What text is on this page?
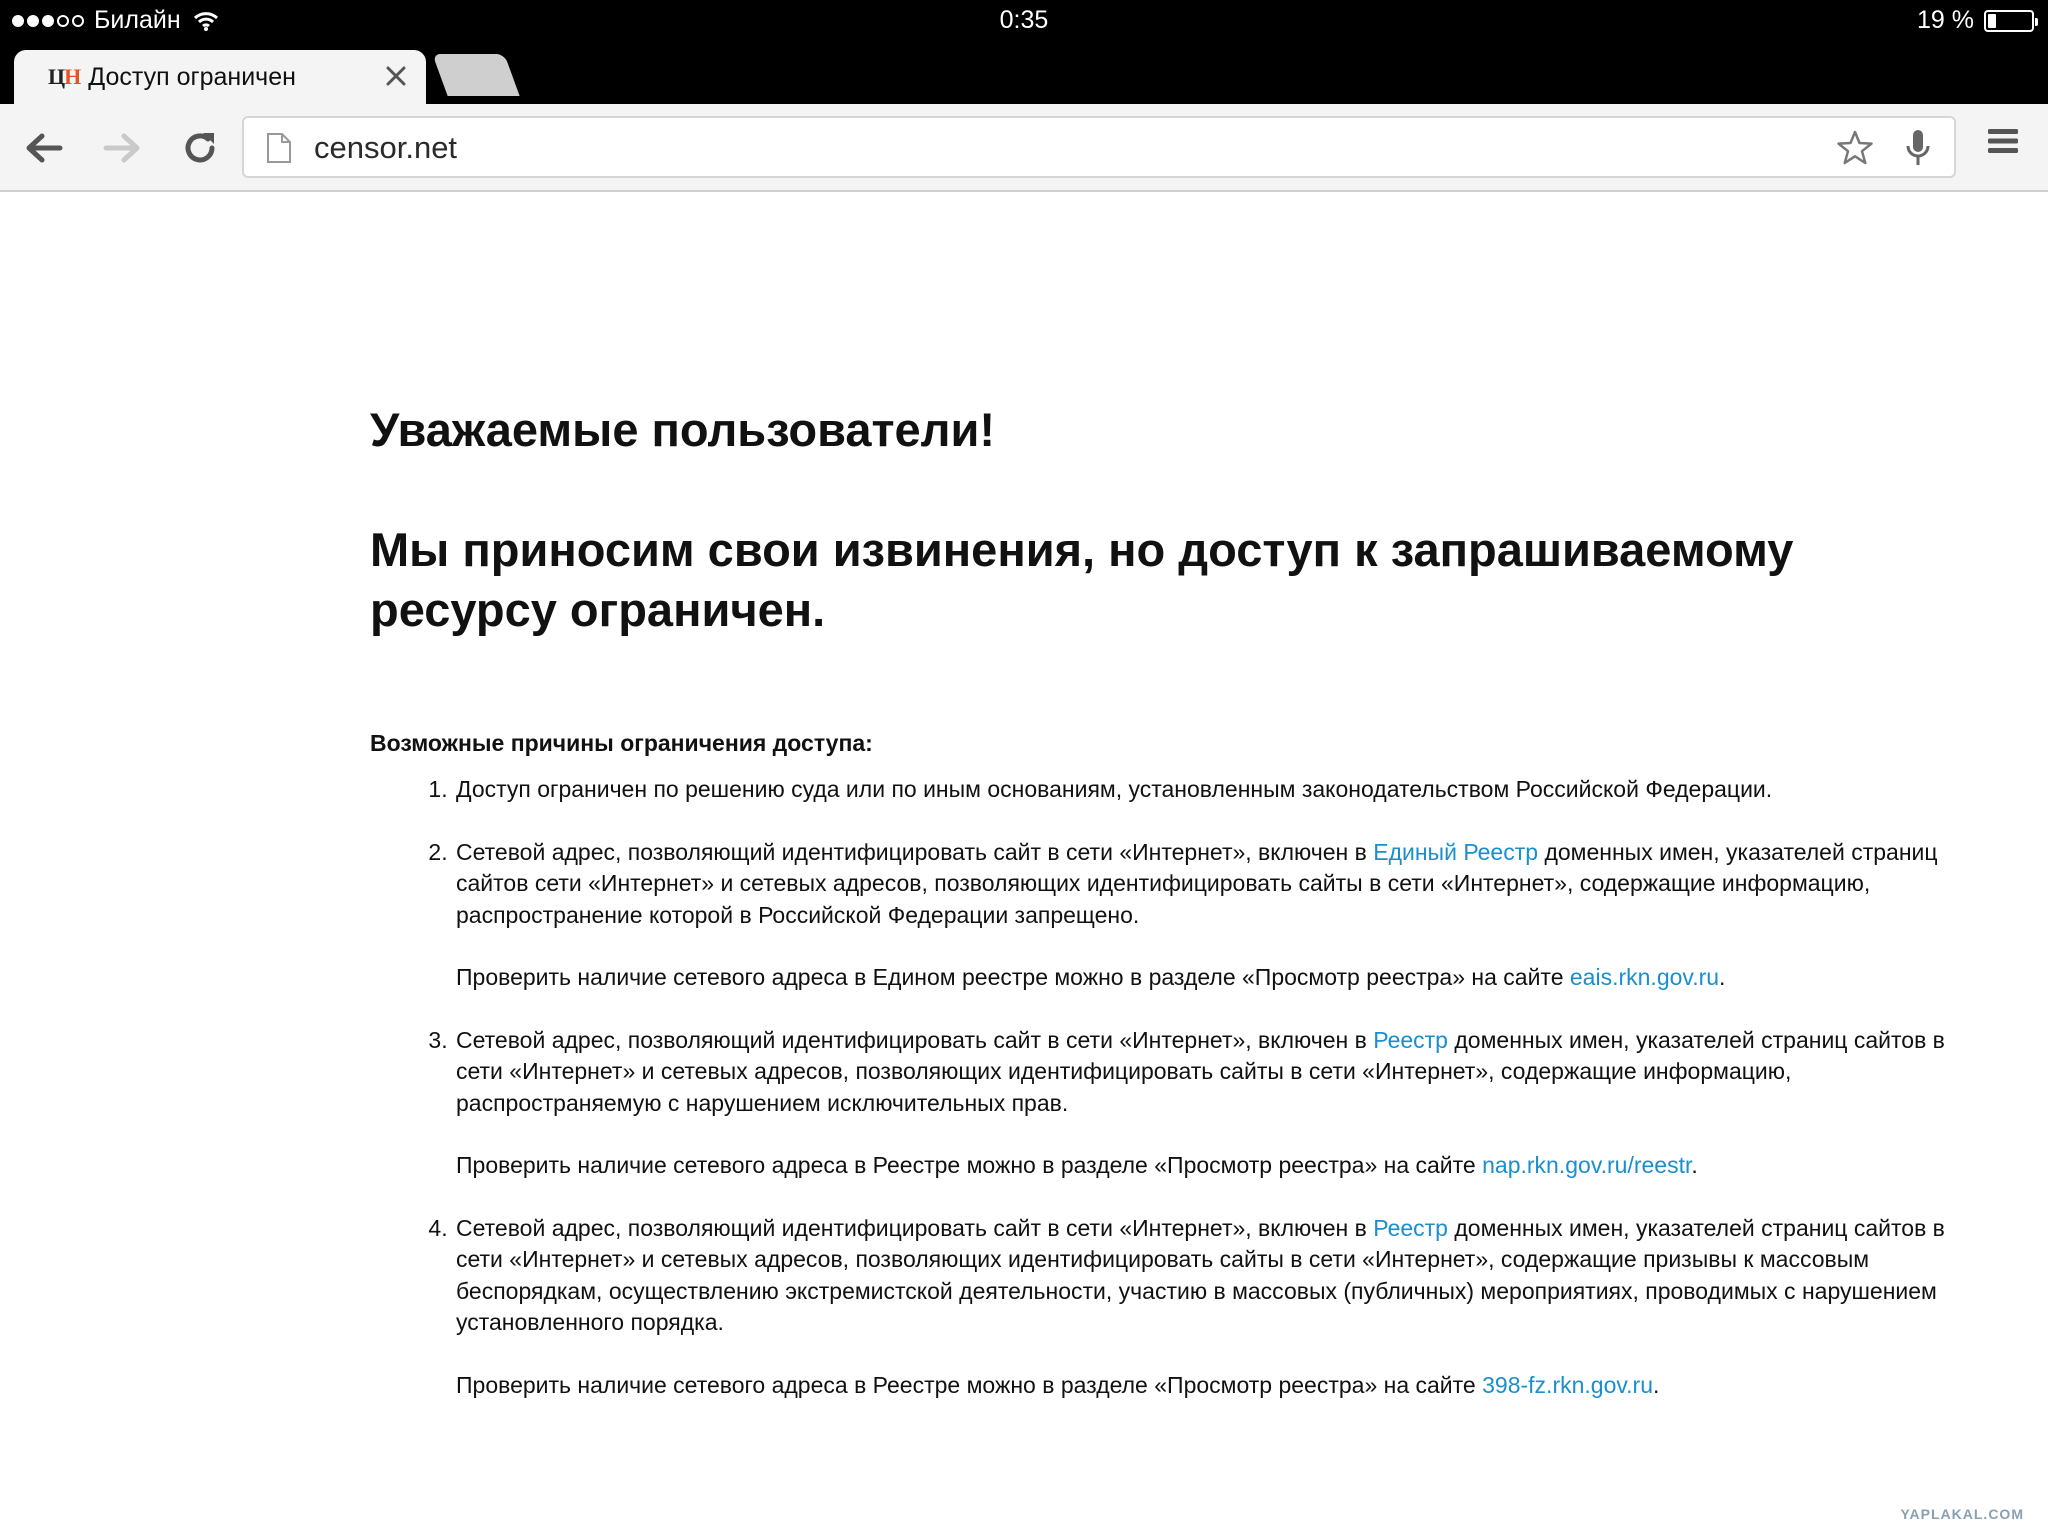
Билайн	0:35	19 %
ЦН Доступ ограничен
censor.net
Уважаемые пользователи!
Мы приносим свои извинения, но доступ к запрашиваемому ресурсу ограничен.
Возможные причины ограничения доступа:

1. Доступ ограничен по решению суда или по иным основаниям, установленным законодательством Российской Федерации.

2. Сетевой адрес, позволяющий идентифицировать сайт в сети «Интернет», включен в Единый Реестр доменных имен, указателей страниц сайтов сети «Интернет» и сетевых адресов, позволяющих идентифицировать сайты в сети «Интернет», содержащие информацию, распространение которой в Российской Федерации запрещено.

Проверить наличие сетевого адреса в Едином реестре можно в разделе «Просмотр реестра» на сайте eais.rkn.gov.ru.

3. Сетевой адрес, позволяющий идентифицировать сайт в сети «Интернет», включен в Реестр доменных имен, указателей страниц сайтов в сети «Интернет» и сетевых адресов, позволяющих идентифицировать сайты в сети «Интернет», содержащие информацию, распространяемую с нарушением исключительных прав.

Проверить наличие сетевого адреса в Реестре можно в разделе «Просмотр реестра» на сайте nap.rkn.gov.ru/reestr.

4. Сетевой адрес, позволяющий идентифицировать сайт в сети «Интернет», включен в Реестр доменных имен, указателей страниц сайтов в сети «Интернет» и сетевых адресов, позволяющих идентифицировать сайты в сети «Интернет», содержащие призывы к массовым беспорядкам, осуществлению экстремистской деятельности, участию в массовых (публичных) мероприятиях, проводимых с нарушением установленного порядка.

Проверить наличие сетевого адреса в Реестре можно в разделе «Просмотр реестра» на сайте 398-fz.rkn.gov.ru.

YAPLAKAL.COM
